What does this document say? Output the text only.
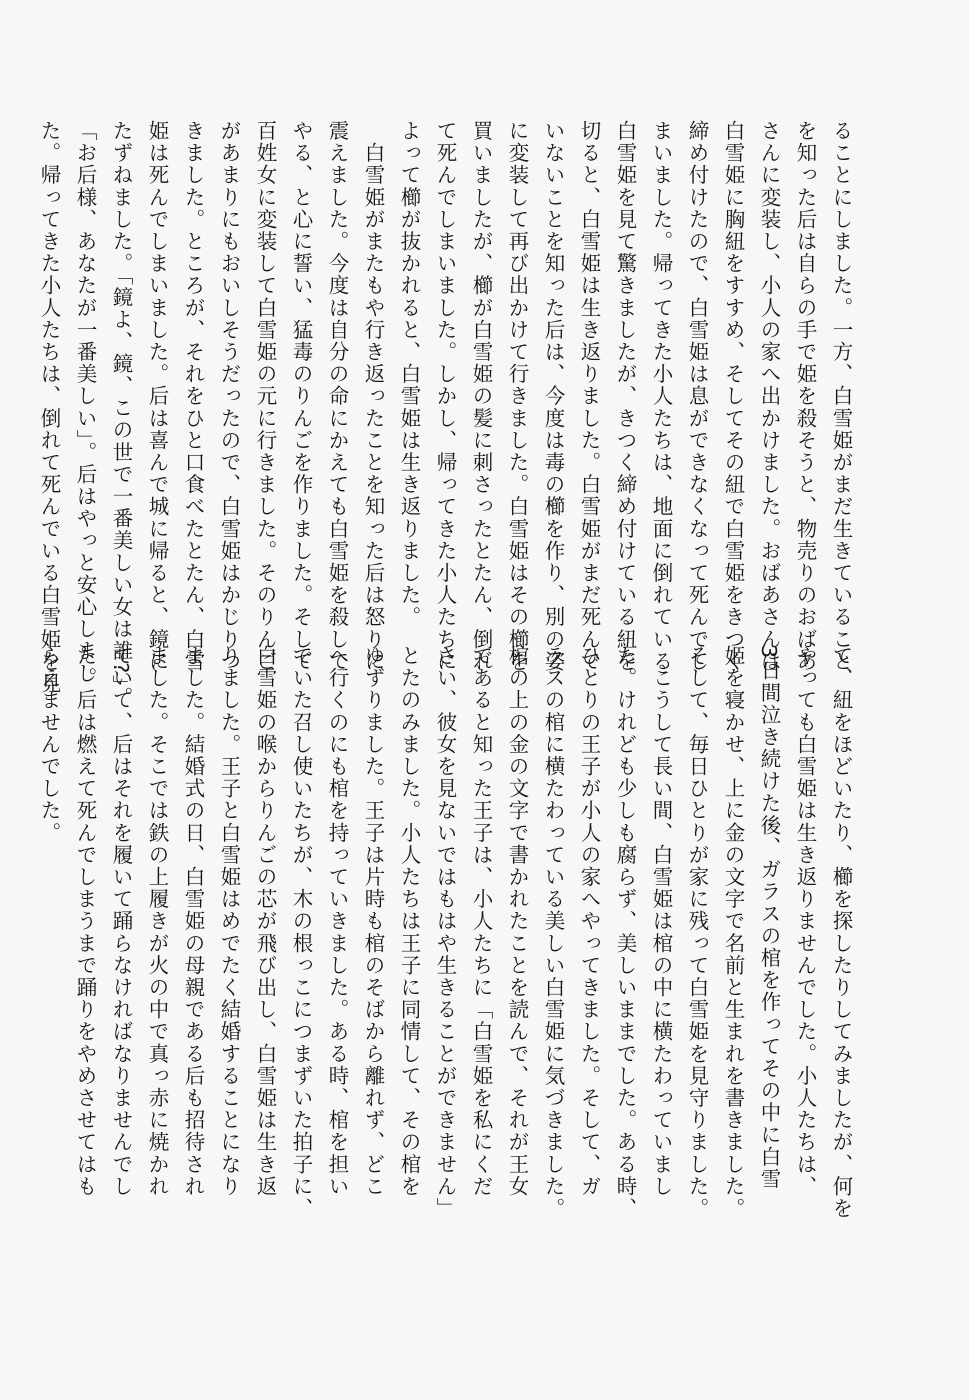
ることにしました。一方、白雪姫がまだ生きていること
を知った后は自らの手で姫を殺そうと、物売りのおばあ
さんに変装し、小人の家へ出かけました。おばあさんは
白雪姫に胸紐をすすめ、そしてその紐で白雪姫をきつく
締め付けたので、白雪姫は息ができなくなって死んでし
まいました。帰ってきた小人たちは、地面に倒れている
白雪姫を見て驚きましたが、きつく締め付けている紐を
切ると、白雪姫は生き返りました。白雪姫がまだ死んで
いないことを知った后は、今度は毒の櫛を作り、別の姿
に変装して再び出かけて行きました。白雪姫はその櫛を
買いましたが、櫛が白雪姫の髪に刺さったとたん、倒れ
て死んでしまいました。しかし、帰ってきた小人たちに
よって櫛が抜かれると、白雪姫は生き返りました。
　白雪姫がまたもや行き返ったことを知った后は怒りに
震えました。今度は自分の命にかえても白雪姫を殺して
やる、と心に誓い、猛毒のりんごを作りました。そして
百姓女に変装して白雪姫の元に行きました。そのりんご
があまりにもおいしそうだったので、白雪姫はかじりつ
きました。ところが、それをひと口食べたとたん、白雪
姫は死んでしまいました。后は喜んで城に帰ると、鏡に
たずねました。「鏡よ、鏡、この世で一番美しい女は誰?」。
「お后様、あなたが一番美しい」。后はやっと安心しまし
た。帰ってきた小人たちは、倒れて死んでいる白雪姫を見
て、紐をほどいたり、櫛を探したりしてみましたが、何を
やっても白雪姫は生き返りませんでした。小人たちは、
3日間泣き続けた後、ガラスの棺を作ってその中に白雪
姫を寝かせ、上に金の文字で名前と生まれを書きました。
そして、毎日ひとりが家に残って白雪姫を見守りました。
　こうして長い間、白雪姫は棺の中に横たわっていまし
た。けれども少しも腐らず、美しいままでした。ある時、
ひとりの王子が小人の家へやってきました。そして、ガ
ラスの棺に横たわっている美しい白雪姫に気づきました。
棺の上の金の文字で書かれたことを読んで、それが王女
であると知った王子は、小人たちに「白雪姫を私にくだ
さい、彼女を見ないではもはや生きることができません」
とたのみました。小人たちは王子に同情して、その棺を
ゆずりました。王子は片時も棺のそばから離れず、どこ
へ行くのにも棺を持っていきました。ある時、棺を担い
でいた召し使いたちが、木の根っこにつまずいた拍子に、
白雪姫の喉からりんごの芯が飛び出し、白雪姫は生き返
りました。王子と白雪姫はめでたく結婚することになり
ました。結婚式の日、白雪姫の母親である后も招待され
ました。そこでは鉄の上履きが火の中で真っ赤に焼かれ
ていて、后はそれを履いて踊らなければなりませんでし
た。后は燃えて死んでしまうまで踊りをやめさせてはも
らえませんでした。
